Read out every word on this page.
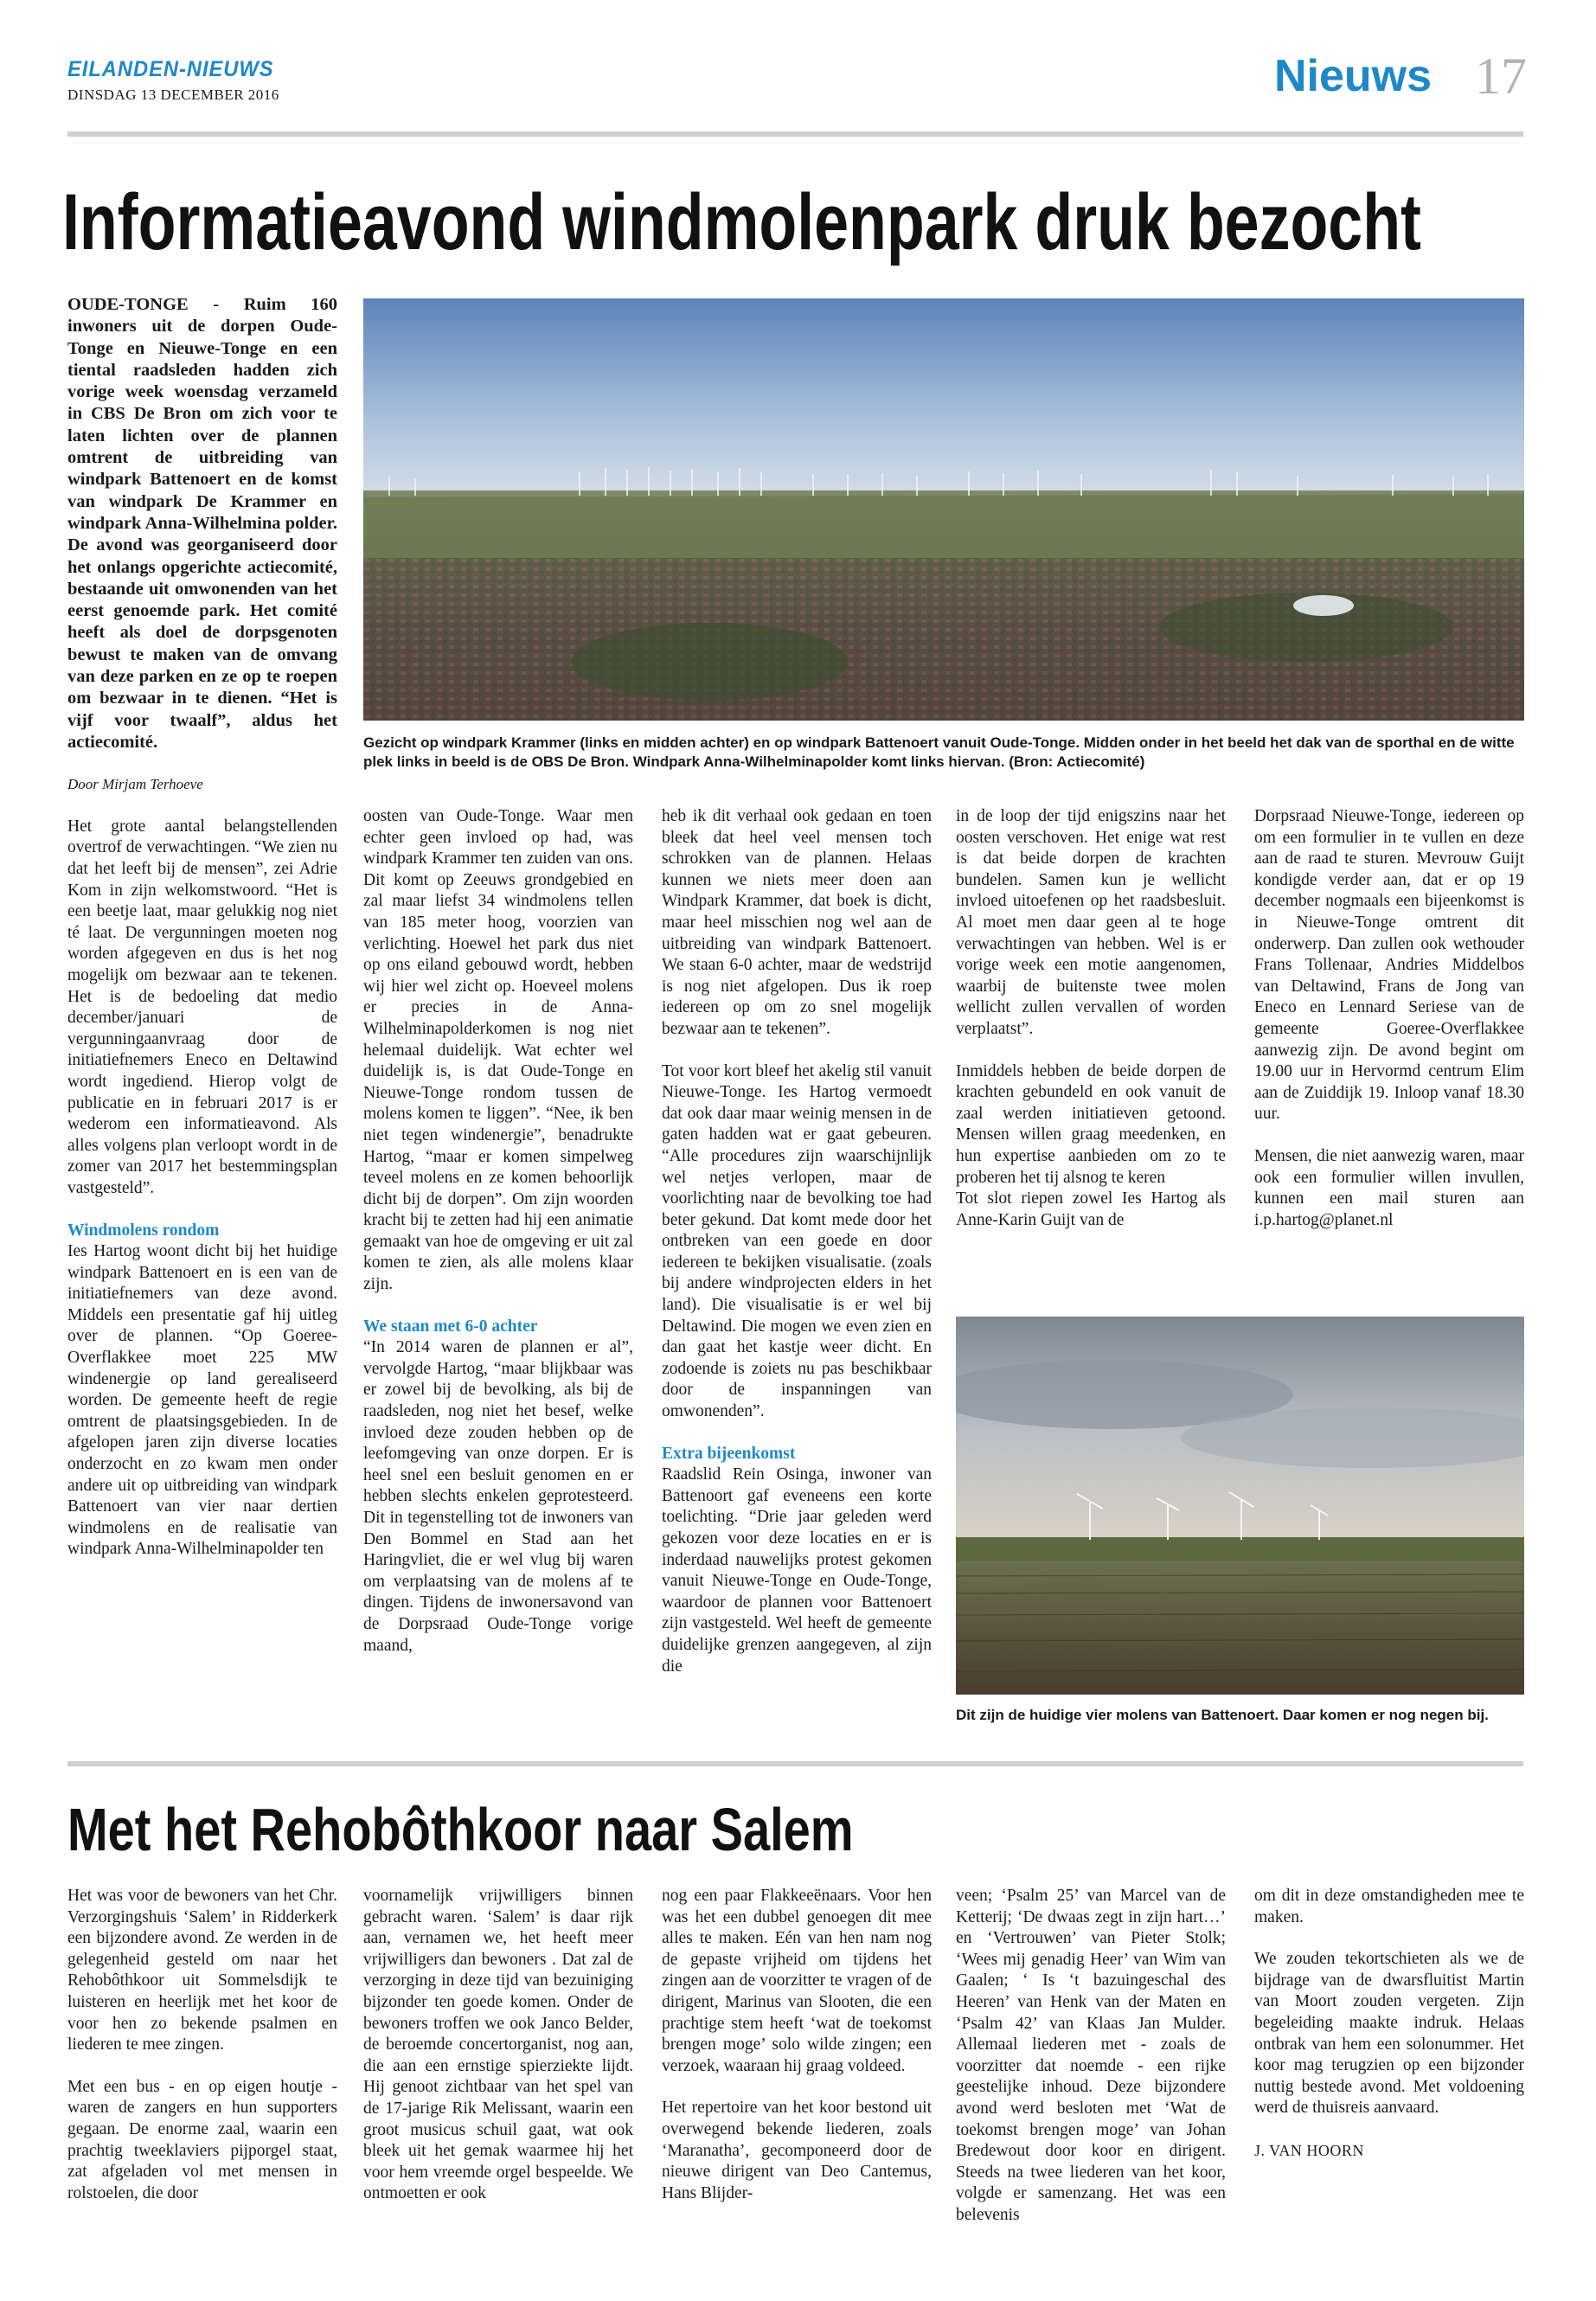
EILANDEN-NIEUWS
DINSDAG 13 DECEMBER 2016	Nieuws 17
Informatieavond windmolenpark druk bezocht

OUDE-TONGE - Ruim 160 inwoners uit de dorpen Oude-Tonge en Nieuwe-Tonge en een tiental raadsleden hadden zich vorige week woensdag verzameld in CBS De Bron om zich voor te laten lichten over de plannen omtrent de uitbreiding van windpark Battenoert en de komst van windpark De Krammer en windpark Anna-Wilhelmina polder. De avond was georganiseerd door het onlangs opgerichte actiecomité, bestaande uit omwonenden van het eerst genoemde park. Het comité heeft als doel de dorpsgenoten bewust te maken van de omvang van deze parken en ze op te roepen om bezwaar in te dienen. “Het is vijf voor twaalf”, aldus het actiecomité.

Door Mirjam Terhoeve

Het grote aantal belangstellenden overtrof de verwachtingen. “We zien nu dat het leeft bij de mensen”, zei Adrie Kom in zijn welkomstwoord. “Het is een beetje laat, maar gelukkig nog niet té laat. De vergunningen moeten nog worden afgegeven en dus is het nog mogelijk om bezwaar aan te tekenen. Het is de bedoeling dat medio december/januari de vergunningaanvraag door de initiatiefnemers Eneco en Deltawind wordt ingediend. Hierop volgt de publicatie en in februari 2017 is er wederom een informatieavond. Als alles volgens plan verloopt wordt in de zomer van 2017 het bestemmingsplan vastgesteld”.

Windmolens rondom

Ies Hartog woont dicht bij het huidige windpark Battenoert en is een van de initiatiefnemers van deze avond. Middels een presentatie gaf hij uitleg over de plannen. “Op Goeree-Overflakkee moet 225 MW windenergie op land gerealiseerd worden. De gemeente heeft de regie omtrent de plaatsingsgebieden. In de afgelopen jaren zijn diverse locaties onderzocht en zo kwam men onder andere uit op uitbreiding van windpark Battenoert van vier naar dertien windmolens en de realisatie van windpark Anna-Wilhelminapolder ten

Gezicht op windpark Krammer (links en midden achter) en op windpark Battenoert vanuit Oude-Tonge. Midden onder in het beeld het dak van de sporthal en de witte plek links in beeld is de OBS De Bron. Windpark Anna-Wilhelminapolder komt links hiervan. (Bron: Actiecomité)

oosten van Oude-Tonge. Waar men echter geen invloed op had, was windpark Krammer ten zuiden van ons. Dit komt op Zeeuws grondgebied en zal maar liefst 34 windmolens tellen van 185 meter hoog, voorzien van verlichting. Hoewel het park dus niet op ons eiland gebouwd wordt, hebben wij hier wel zicht op. Hoeveel molens er precies in de Anna-Wilhelminapolderkomen is nog niet helemaal duidelijk. Wat echter wel duidelijk is, is dat Oude-Tonge en Nieuwe-Tonge rondom tussen de molens komen te liggen”. “Nee, ik ben niet tegen windenergie”, benadrukte Hartog, “maar er komen simpelweg teveel molens en ze komen behoorlijk dicht bij de dorpen”. Om zijn woorden kracht bij te zetten had hij een animatie gemaakt van hoe de omgeving er uit zal komen te zien, als alle molens klaar zijn.

We staan met 6-0 achter

“In 2014 waren de plannen er al”, vervolgde Hartog, “maar blijkbaar was er zowel bij de bevolking, als bij de raadsleden, nog niet het besef, welke invloed deze zouden hebben op de leefomgeving van onze dorpen. Er is heel snel een besluit genomen en er hebben slechts enkelen geprotesteerd. Dit in tegenstelling tot de inwoners van Den Bommel en Stad aan het Haringvliet, die er wel vlug bij waren om verplaatsing van de molens af te dingen. Tijdens de inwonersavond van de Dorpsraad Oude-Tonge vorige maand,

heb ik dit verhaal ook gedaan en toen bleek dat heel veel mensen toch schrokken van de plannen. Helaas kunnen we niets meer doen aan Windpark Krammer, dat boek is dicht, maar heel misschien nog wel aan de uitbreiding van windpark Battenoert. We staan 6-0 achter, maar de wedstrijd is nog niet afgelopen. Dus ik roep iedereen op om zo snel mogelijk bezwaar aan te tekenen”.

Tot voor kort bleef het akelig stil vanuit Nieuwe-Tonge. Ies Hartog vermoedt dat ook daar maar weinig mensen in de gaten hadden wat er gaat gebeuren. “Alle procedures zijn waarschijnlijk wel netjes verlopen, maar de voorlichting naar de bevolking toe had beter gekund. Dat komt mede door het ontbreken van een goede en door iedereen te bekijken visualisatie. (zoals bij andere windprojecten elders in het land). Die visualisatie is er wel bij Deltawind. Die mogen we even zien en dan gaat het kastje weer dicht. En zodoende is zoiets nu pas beschikbaar door de inspanningen van omwonenden”.

Extra bijeenkomst

Raadslid Rein Osinga, inwoner van Battenoort gaf eveneens een korte toelichting. “Drie jaar geleden werd gekozen voor deze locaties en er is inderdaad nauwelijks protest gekomen vanuit Nieuwe-Tonge en Oude-Tonge, waardoor de plannen voor Battenoert zijn vastgesteld. Wel heeft de gemeente duidelijke grenzen aangegeven, al zijn die

in de loop der tijd enigszins naar het oosten verschoven. Het enige wat rest is dat beide dorpen de krachten bundelen. Samen kun je wellicht invloed uitoefenen op het raadsbesluit. Al moet men daar geen al te hoge verwachtingen van hebben. Wel is er vorige week een motie aangenomen, waarbij de buitenste twee molen wellicht zullen vervallen of worden verplaatst”.

Inmiddels hebben de beide dorpen de krachten gebundeld en ook vanuit de zaal werden initiatieven getoond. Mensen willen graag meedenken, en hun expertise aanbieden om zo te proberen het tij alsnog te keren

Tot slot riepen zowel Ies Hartog als Anne-Karin Guijt van de

Dorpsraad Nieuwe-Tonge, iedereen op om een formulier in te vullen en deze aan de raad te sturen. Mevrouw Guijt kondigde verder aan, dat er op 19 december nogmaals een bijeenkomst is in Nieuwe-Tonge omtrent dit onderwerp. Dan zullen ook wethouder Frans Tollenaar, Andries Middelbos van Deltawind, Frans de Jong van Eneco en Lennard Seriese van de gemeente Goeree-Overflakkee aanwezig zijn. De avond begint om 19.00 uur in Hervormd centrum Elim aan de Zuiddijk 19. Inloop vanaf 18.30 uur.

Mensen, die niet aanwezig waren, maar ook een formulier willen invullen, kunnen een mail sturen aan i.p.hartog@planet.nl

Dit zijn de huidige vier molens van Battenoert. Daar komen er nog negen bij.
Met het Rehobôthkoor naar Salem

Het was voor de bewoners van het Chr. Verzorgingshuis ‘Salem’ in Ridderkerk een bijzondere avond. Ze werden in de gelegenheid gesteld om naar het Rehobôthkoor uit Sommelsdijk te luisteren en heerlijk met het koor de voor hen zo bekende psalmen en liederen te mee zingen.

Met een bus - en op eigen houtje - waren de zangers en hun supporters gegaan. De enorme zaal, waarin een prachtig tweeklaviers pijporgel staat, zat afgeladen vol met mensen in rolstoelen, die door

voornamelijk vrijwilligers binnen gebracht waren. ‘Salem’ is daar rijk aan, vernamen we, het heeft meer vrijwilligers dan bewoners . Dat zal de verzorging in deze tijd van bezuiniging bijzonder ten goede komen. Onder de bewoners troffen we ook Janco Belder, de beroemde concertorganist, nog aan, die aan een ernstige spierziekte lijdt. Hij genoot zichtbaar van het spel van de 17-jarige Rik Melissant, waarin een groot musicus schuil gaat, wat ook bleek uit het gemak waarmee hij het voor hem vreemde orgel bespeelde. We ontmoetten er ook

nog een paar Flakkeeënaars. Voor hen was het een dubbel genoegen dit mee alles te maken. Eén van hen nam nog de gepaste vrijheid om tijdens het zingen aan de voorzitter te vragen of de dirigent, Marinus van Slooten, die een prachtige stem heeft ‘wat de toekomst brengen moge’ solo wilde zingen; een verzoek, waaraan hij graag voldeed.

Het repertoire van het koor bestond uit overwegend bekende liederen, zoals ‘Maranatha’, gecomponeerd door de nieuwe dirigent van Deo Cantemus, Hans Blijder-

veen; ‘Psalm 25’ van Marcel van de Ketterij; ‘De dwaas zegt in zijn hart…’ en ‘Vertrouwen’ van Pieter Stolk; ‘Wees mij genadig Heer’ van Wim van Gaalen; ‘ Is ‘t bazuingeschal des Heeren’ van Henk van der Maten en ‘Psalm 42’ van Klaas Jan Mulder. Allemaal liederen met - zoals de voorzitter dat noemde - een rijke geestelijke inhoud. Deze bijzondere avond werd besloten met ‘Wat de toekomst brengen moge’ van Johan Bredewout door koor en dirigent. Steeds na twee liederen van het koor, volgde er samenzang. Het was een belevenis

om dit in deze omstandigheden mee te maken.

We zouden tekortschieten als we de bijdrage van de dwarsfluitist Martin van Moort zouden vergeten. Zijn begeleiding maakte indruk. Helaas ontbrak van hem een solonummer. Het koor mag terugzien op een bijzonder nuttig bestede avond. Met voldoening werd de thuisreis aanvaard.

J. VAN HOORN
